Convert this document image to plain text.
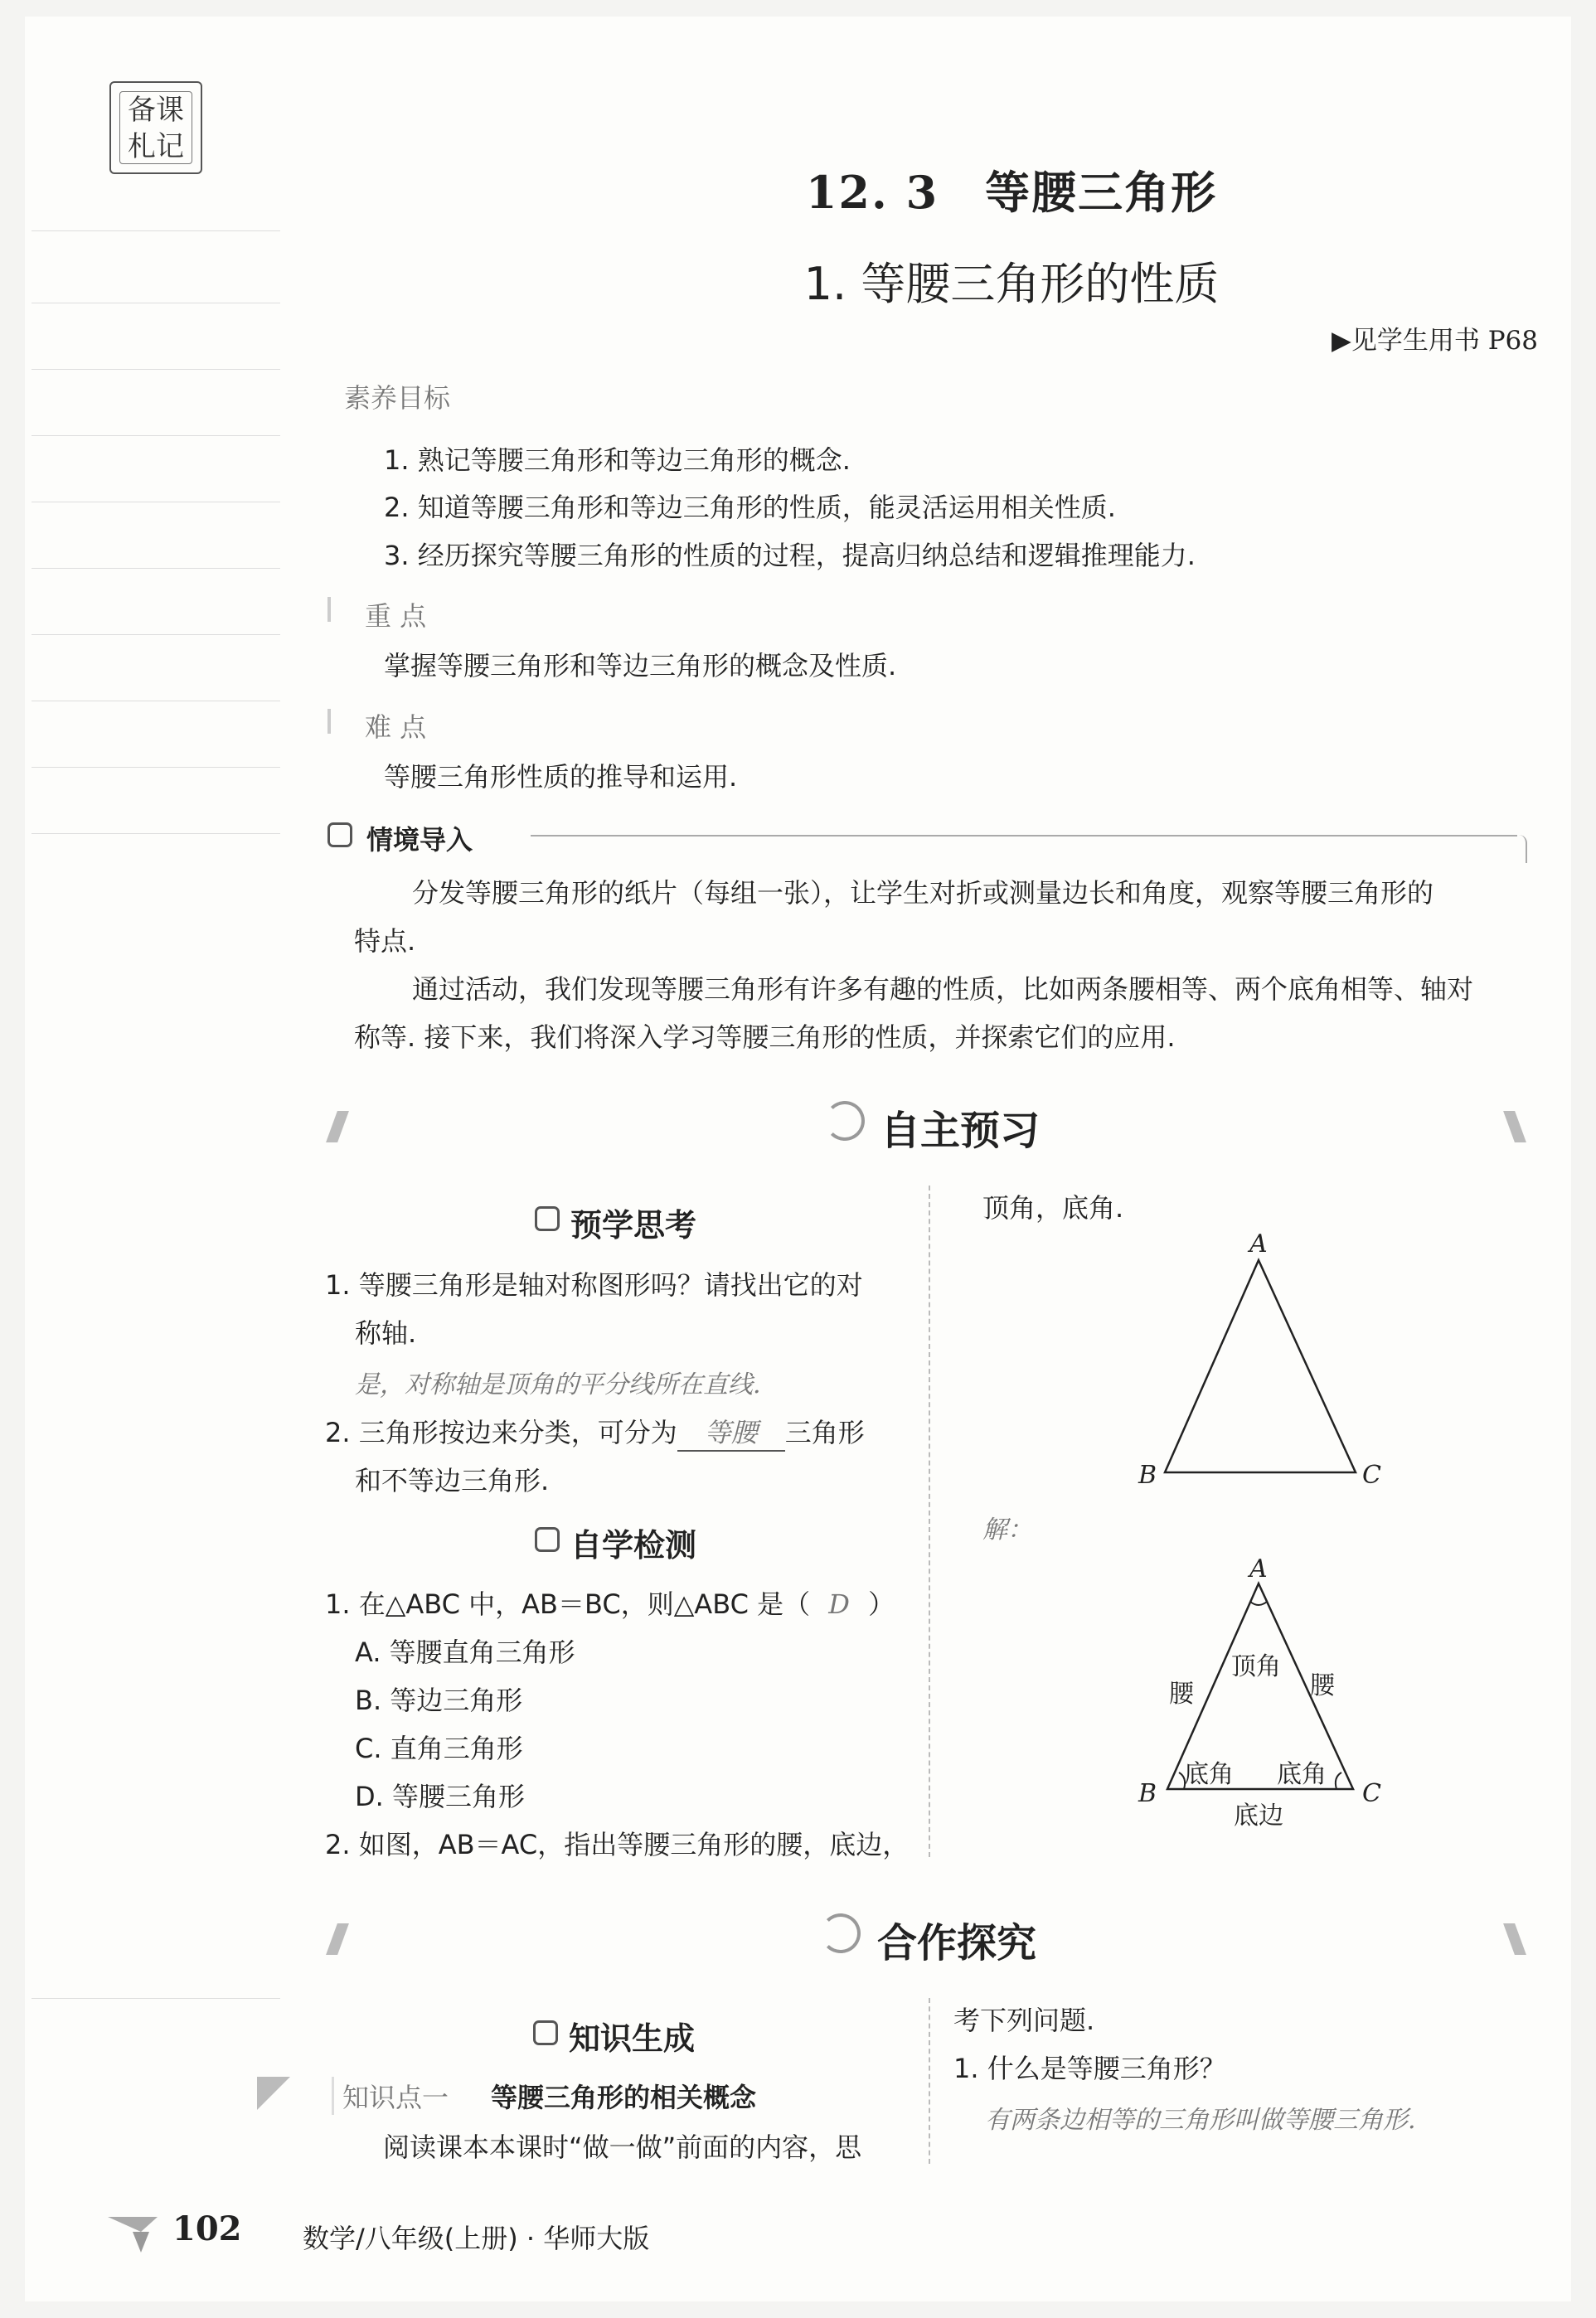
备课札记
12. 3　等腰三角形
1. 等腰三角形的性质
▶见学生用书 P68
素养目标
1. 熟记等腰三角形和等边三角形的概念.
2. 知道等腰三角形和等边三角形的性质，能灵活运用相关性质.
3. 经历探究等腰三角形的性质的过程，提高归纳总结和逻辑推理能力.
重 点
掌握等腰三角形和等边三角形的概念及性质.
难 点
等腰三角形性质的推导和运用.
情境导入
分发等腰三角形的纸片（每组一张），让学生对折或测量边长和角度，观察等腰三角形的
特点.
通过活动，我们发现等腰三角形有许多有趣的性质，比如两条腰相等、两个底角相等、轴对
称等. 接下来，我们将深入学习等腰三角形的性质，并探索它们的应用.
自主预习
预学思考
1. 等腰三角形是轴对称图形吗？请找出它的对
称轴.
是，对称轴是顶角的平分线所在直线.
2. 三角形按边来分类，可分为 等腰 三角形
和不等边三角形.
自学检测
1. 在△ABC 中，AB＝BC，则△ABC 是（ D ）
A. 等腰直角三角形
B. 等边三角形
C. 直角三角形
D. 等腰三角形
2. 如图，AB＝AC，指出等腰三角形的腰，底边，
顶角，底角.
A
B	C
解：
A
B	C
顶角
腰	腰
底角 底角
底边
合作探究
知识生成
知识点一	等腰三角形的相关概念
阅读课本本课时“做一做”前面的内容，思
考下列问题.
1. 什么是等腰三角形？
有两条边相等的三角形叫做等腰三角形.
102 数学/八年级(上册) · 华师大版
